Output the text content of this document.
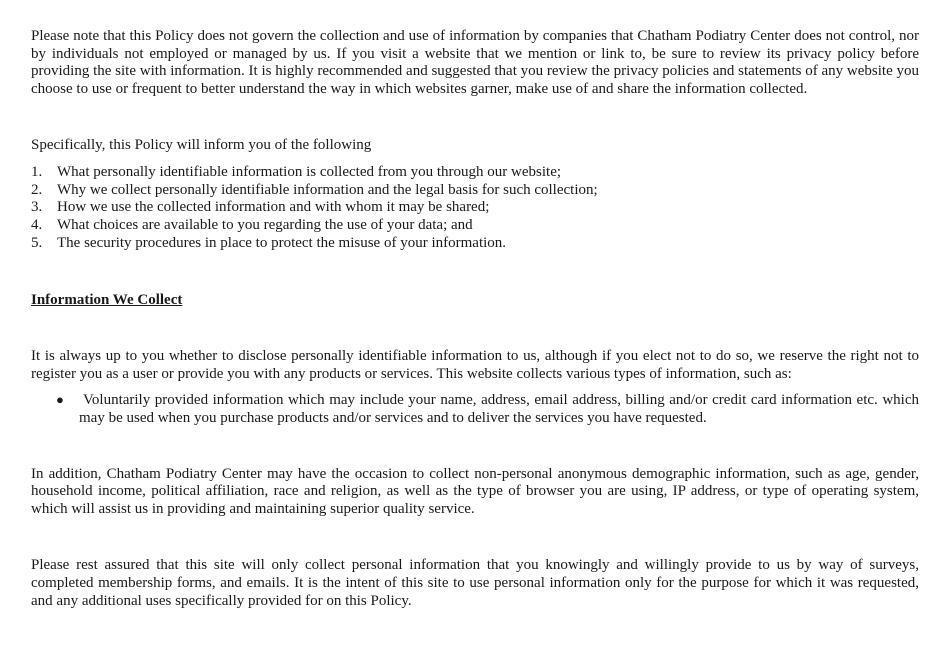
Please note that this Policy does not govern the collection and use of information by companies that Chatham Podiatry Center does not control, nor by individuals not employed or managed by us. If you visit a website that we mention or link to, be sure to review its privacy policy before providing the site with information. It is highly recommended and suggested that you review the privacy policies and statements of any website you choose to use or frequent to better understand the way in which websites garner, make use of and share the information collected.

Specifically, this Policy will inform you of the following

1. What personally identifiable information is collected from you through our website;
2. Why we collect personally identifiable information and the legal basis for such collection;
3. How we use the collected information and with whom it may be shared;
4. What choices are available to you regarding the use of your data; and
5. The security procedures in place to protect the misuse of your information.

Information We Collect

It is always up to you whether to disclose personally identifiable information to us, although if you elect not to do so, we reserve the right not to register you as a user or provide you with any products or services. This website collects various types of information, such as:

● Voluntarily provided information which may include your name, address, email address, billing and/or credit card information etc. which may be used when you purchase products and/or services and to deliver the services you have requested.

In addition, Chatham Podiatry Center may have the occasion to collect non-personal anonymous demographic information, such as age, gender, household income, political affiliation, race and religion, as well as the type of browser you are using, IP address, or type of operating system, which will assist us in providing and maintaining superior quality service.

Please rest assured that this site will only collect personal information that you knowingly and willingly provide to us by way of surveys, completed membership forms, and emails. It is the intent of this site to use personal information only for the purpose for which it was requested, and any additional uses specifically provided for on this Policy.
